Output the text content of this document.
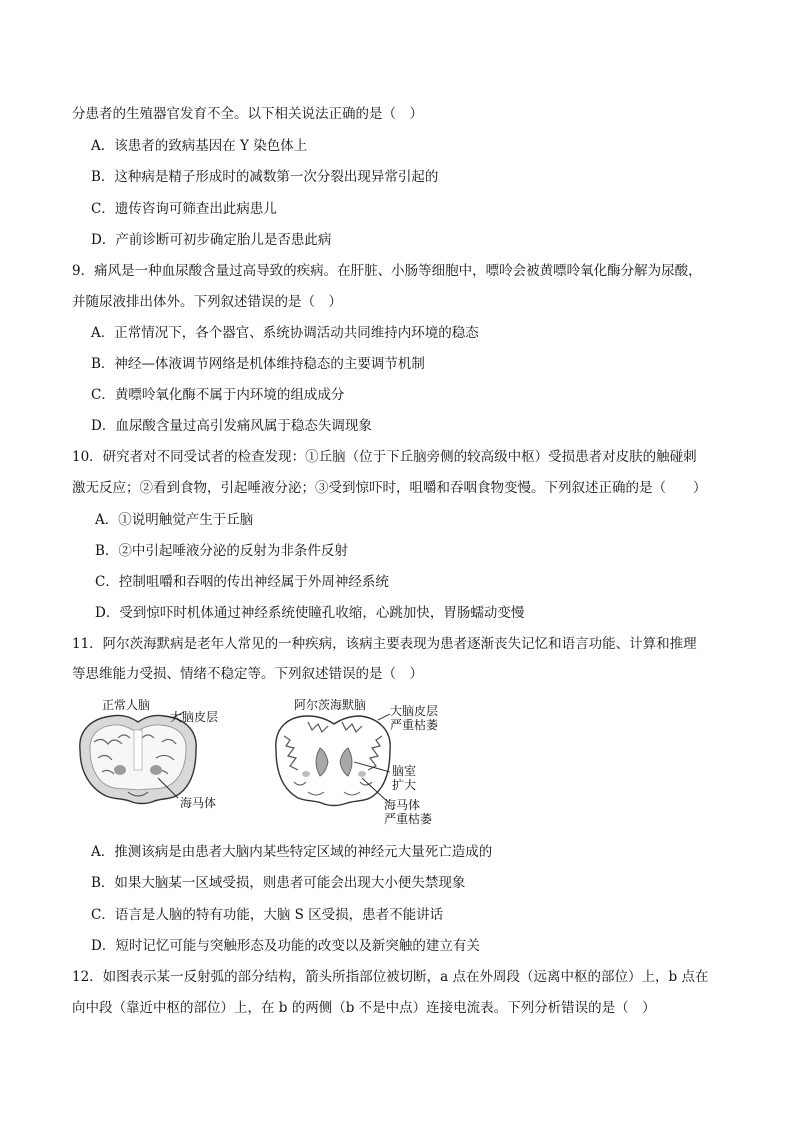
分患者的生殖器官发育不全。以下相关说法正确的是（　）
A．该患者的致病基因在 Y 染色体上
B．这种病是精子形成时的减数第一次分裂出现异常引起的
C．遗传咨询可筛查出此病患儿
D．产前诊断可初步确定胎儿是否患此病
9．痛风是一种血尿酸含量过高导致的疾病。在肝脏、小肠等细胞中，嘌呤会被黄嘌呤氧化酶分解为尿酸，
并随尿液排出体外。下列叙述错误的是（　）
A．正常情况下，各个器官、系统协调活动共同维持内环境的稳态
B．神经—体液调节网络是机体维持稳态的主要调节机制
C．黄嘌呤氧化酶不属于内环境的组成成分
D．血尿酸含量过高引发痛风属于稳态失调现象
10．研究者对不同受试者的检查发现：①丘脑（位于下丘脑旁侧的较高级中枢）受损患者对皮肤的触碰刺
激无反应；②看到食物，引起唾液分泌；③受到惊吓时，咀嚼和吞咽食物变慢。下列叙述正确的是（　　）
A．①说明触觉产生于丘脑
B．②中引起唾液分泌的反射为非条件反射
C．控制咀嚼和吞咽的传出神经属于外周神经系统
D．受到惊吓时机体通过神经系统使瞳孔收缩，心跳加快，胃肠蠕动变慢
11．阿尔茨海默病是老年人常见的一种疾病，该病主要表现为患者逐渐丧失记忆和语言功能、计算和推理
等思维能力受损、情绪不稳定等。下列叙述错误的是（　）
正常人脑
大脑皮层
海马体
阿尔茨海默脑 大脑皮层
严重枯萎
脑室
扩大
海马体
严重枯萎
A．推测该病是由患者大脑内某些特定区域的神经元大量死亡造成的
B．如果大脑某一区域受损，则患者可能会出现大小便失禁现象
C．语言是人脑的特有功能，大脑 S 区受损，患者不能讲话
D．短时记忆可能与突触形态及功能的改变以及新突触的建立有关
12．如图表示某一反射弧的部分结构，箭头所指部位被切断，a 点在外周段（远离中枢的部位）上，b 点在
向中段（靠近中枢的部位）上，在 b 的两侧（b 不是中点）连接电流表。下列分析错误的是（　）
